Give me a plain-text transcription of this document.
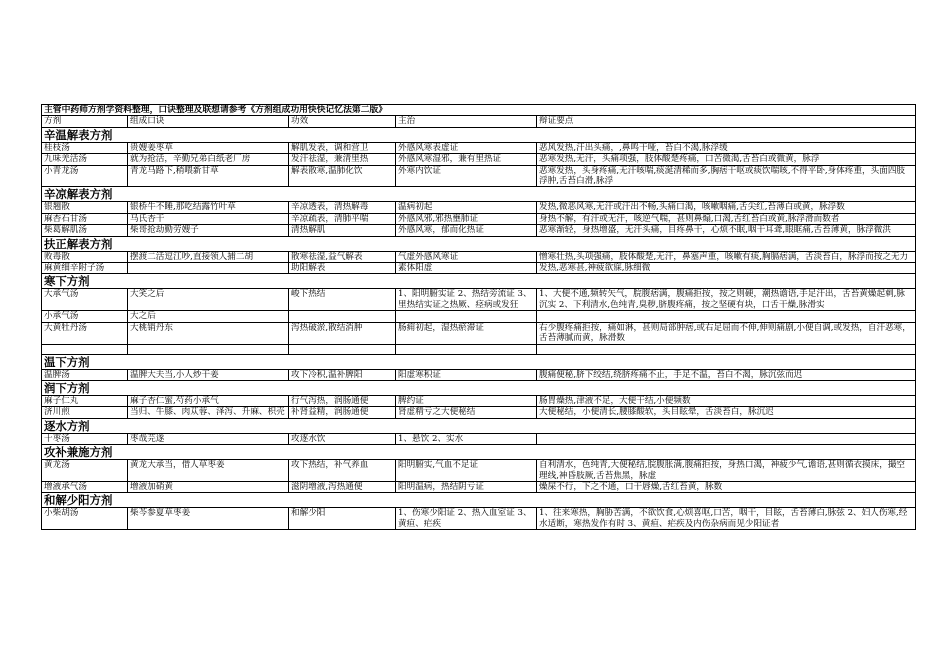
主管中药师方剂学资料整理，口诀整理及联想请参考《方剂组成功用快快记忆法第二版》				
方剂	组成口诀	功效	主治	辩证要点
辛温解表方剂				
桂枝汤	贵嫂姜枣草	解肌发表，调和营卫	外感风寒表虚证	恶风发热,汗出头痛，,鼻鸣干哑，苔白不渴,脉浮缓
九味羌活汤	就为抢活，辛勤兄弟白纸老厂房	发汗祛湿，兼清里热	外感风寒湿邪，兼有里热证	恶寒发热,无汗，头痛项强，肢体酸楚疼痛，口苦微渴,舌苔白或微黄，脉浮
小青龙汤	青龙马路下,稍喂新甘草	解表散寒,温肺化饮	外寒内饮证	恶寒发热，头身疼痛,无汗咳喘,痰涎清稀而多,胸痞干呕或痰饮喘咳,不得平卧,身体疼重，头面四肢浮肿,舌苔白滑,脉浮
辛凉解表方剂				
银翘散	银桥牛不睡,那吃结露竹叶草	辛凉透表，清热解毒	温病初起	发热,微恶风寒,无汗或汗出不畅,头痛口渴，咳嗽咽痛,舌尖红,苔薄白或黄，脉浮数
麻杏石甘汤	马氏杏干	辛凉疏表，清肺平喘	外感风邪,邪热壅肺证	身热不解，有汗或无汗，咳逆气喘，甚则鼻煽,口渴,舌红苔白或黄,脉浮滑而数者
柴葛解肌汤	柴哥抢劫勤劳嫂子	清热解肌	外感风寒，郁而化热证	恶寒渐轻，身热增盛，无汗头痛，目疼鼻干，心烦不眠,咽干耳聋,眼眶痛,舌苔薄黄，脉浮微洪
扶正解表方剂				
败毒散	摆渡二活逗江吵,直接领人捕二胡	散寒祛湿,益气解表	气虚外感风寒证	憎寒壮热,头项强痛，肢体酸楚,无汗，鼻塞声重，咳嗽有痰,胸膈痞满，舌淡苔白，脉浮而按之无力
麻黄细辛附子汤		助阳解表	素体阳虚	发热,恶寒甚,神疲欲寐,脉细微
寒下方剂				
大承气汤	大笑之后	峻下热结	1、阳明腑实证 2、热结旁流证 3、里热结实证之热厥、痉病或发狂	1、大便不通,频转矢气，脘腹痞满，腹痛拒按，按之则硬，潮热谵语,手足汗出，舌苔黄燥起刺,脉沉实 2、下利清水,色纯青,臭秽,脐腹疼痛，按之坚硬有块，口舌干燥,脉滑实
小承气汤	大之后			
大黄牡丹汤	大桃销丹东	泻热破淤,散结消肿	肠痈初起，湿热瘀滞证	右少腹疼痛拒按，痛如淋，甚则局部肿痞,或右足屈而不伸,伸则痛剧,小便自调,或发热，自汗恶寒，舌苔薄腻而黄，脉滑数

温下方剂				
温脾汤	温脾大夫当,小人炒干姜	攻下冷积,温补脾阳	阳虚寒积证	腹痛便秘,脐下绞结,绕脐疼痛不止，手足不温，苔白不渴，脉沉弦而迟
润下方剂				
麻子仁丸	麻子杏仁蜜,芍药小承气	行气泻热，润肠通便	脾约证	肠胃燥热,津液不足，大便干结,小便频数
济川煎	当归、牛膝、肉苁蓉、泽泻、升麻、枳壳	补肾益精，润肠通便	肾虚精亏之大便秘结	大便秘结，小便清长,腰膝酸软，头目眩晕，舌淡苔白，脉沉迟
逐水方剂				
十枣汤	枣哉芫遂	攻逐水饮	1、悬饮 2、实水	
攻补兼施方剂				
黄龙汤	黄龙大承当，借人草枣姜	攻下热结，补气养血	阳明腑实,气血不足证	自利清水，色纯青,大便秘结,脘腹胀满,腹痛拒按，身热口渴，神疲少气,谵语,甚则循衣摸床，撮空理线,神昏肢厥,舌苔焦黑，脉虚
增液承气汤	增液加硝黄	滋阴增液,泻热通便	阳明温病，热结阴亏证	燥屎不行，下之不通，口干唇燥,舌红苔黄，脉数
和解少阳方剂				
小柴胡汤	柴芩参夏草枣姜	和解少阳	1、伤寒少阳证 2、热入血室证 3、黄疸、疟疾	1、往来寒热，胸胁苦满，不欲饮食,心烦喜呕,口苦，咽干，目眩，舌苔薄白,脉弦 2、妇人伤寒,经水适断，寒热发作有时 3、黄疸、疟疾及内伤杂病而见少阳证者
